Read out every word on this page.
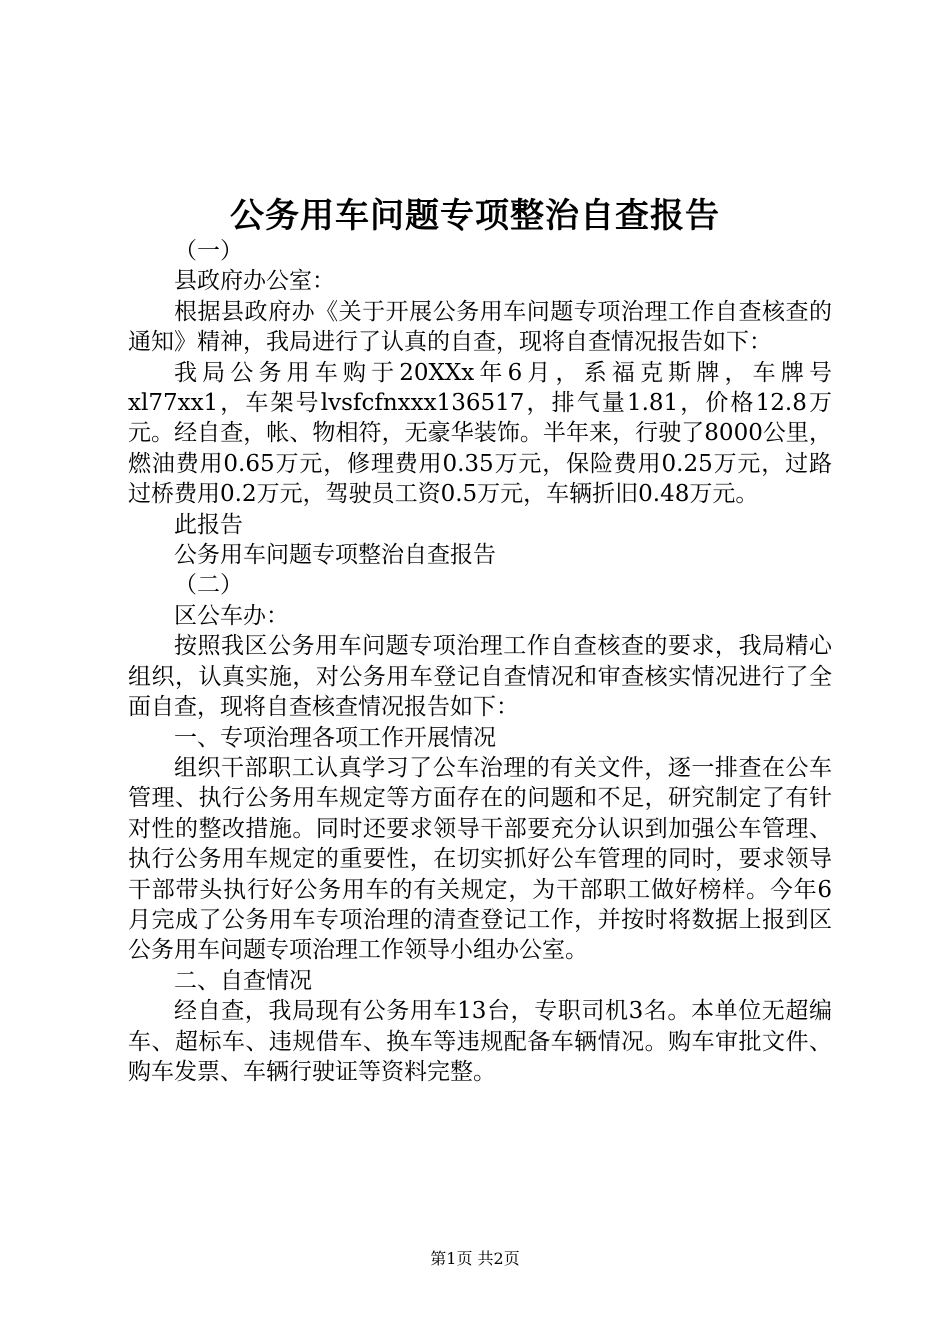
公务用车问题专项整治自查报告

（一）

县政府办公室：

根据县政府办《关于开展公务用车问题专项治理工作自查核查的通知》精神，我局进行了认真的自查，现将自查情况报告如下：

我局公务用车购于20XXx年6月，系福克斯牌，车牌号xl77xx1，车架号lvsfcfnxxx136517，排气量1.81，价格12.8万元。经自查，帐、物相符，无豪华装饰。半年来，行驶了8000公里，燃油费用0.65万元，修理费用0.35万元，保险费用0.25万元，过路过桥费用0.2万元，驾驶员工资0.5万元，车辆折旧0.48万元。

此报告

公务用车问题专项整治自查报告

（二）

区公车办：

按照我区公务用车问题专项治理工作自查核查的要求，我局精心组织，认真实施，对公务用车登记自查情况和审查核实情况进行了全面自查，现将自查核查情况报告如下：

一、专项治理各项工作开展情况

组织干部职工认真学习了公车治理的有关文件，逐一排查在公车管理、执行公务用车规定等方面存在的问题和不足，研究制定了有针对性的整改措施。同时还要求领导干部要充分认识到加强公车管理、执行公务用车规定的重要性，在切实抓好公车管理的同时，要求领导干部带头执行好公务用车的有关规定，为干部职工做好榜样。今年6月完成了公务用车专项治理的清查登记工作，并按时将数据上报到区公务用车问题专项治理工作领导小组办公室。

二、自查情况

经自查，我局现有公务用车13台，专职司机3名。本单位无超编车、超标车、违规借车、换车等违规配备车辆情况。购车审批文件、购车发票、车辆行驶证等资料完整。

第1页 共2页
